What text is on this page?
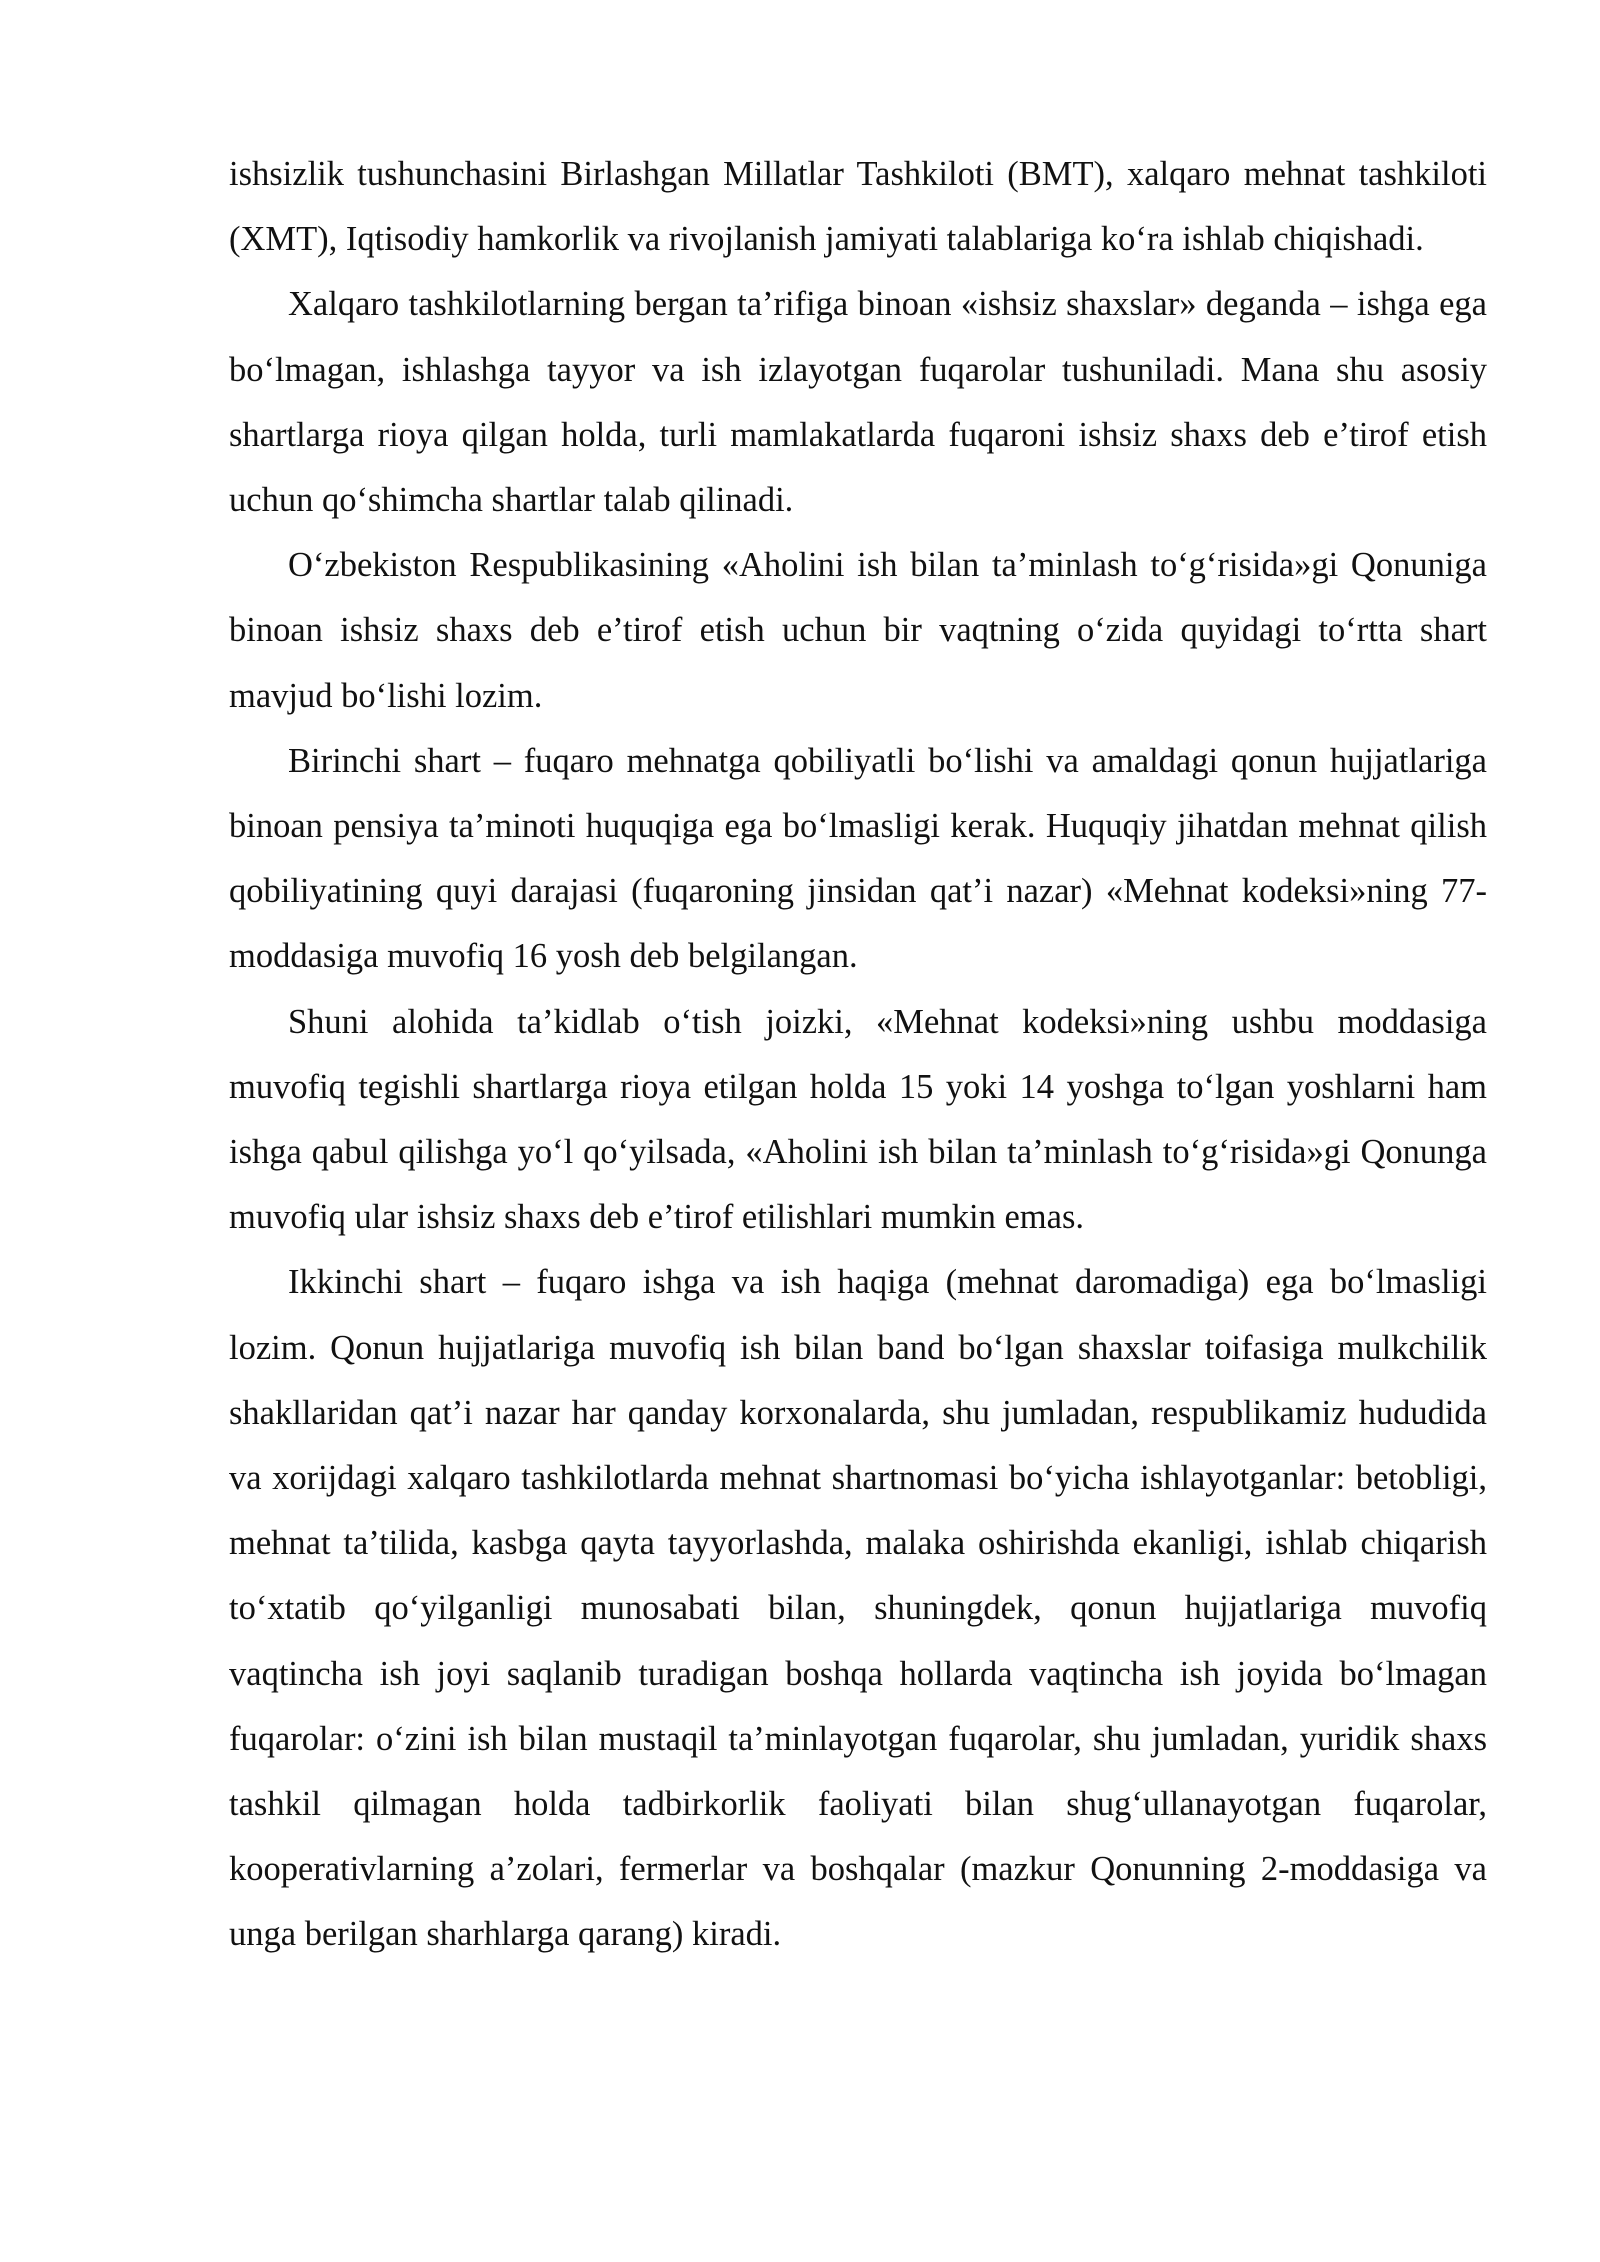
ishsizlik tushunchasini Birlashgan Millatlar Tashkiloti (BMT), xalqaro mehnat tashkiloti (XMT), Iqtisodiy hamkorlik va rivojlanish jamiyati talablariga ko‘ra ishlab chiqishadi.

Xalqaro tashkilotlarning bergan ta’rifiga binoan «ishsiz shaxslar» deganda – ishga ega bo‘lmagan, ishlashga tayyor va ish izlayotgan fuqarolar tushuniladi. Mana shu asosiy shartlarga rioya qilgan holda, turli mamlakatlarda fuqaroni ishsiz shaxs deb e’tirof etish uchun qo‘shimcha shartlar talab qilinadi.

O‘zbekiston Respublikasining «Aholini ish bilan ta’minlash to‘g‘risida»gi Qonuniga binoan ishsiz shaxs deb e’tirof etish uchun bir vaqtning o‘zida quyidagi to‘rtta shart mavjud bo‘lishi lozim.

Birinchi shart – fuqaro mehnatga qobiliyatli bo‘lishi va amaldagi qonun hujjatlariga binoan pensiya ta’minoti huquqiga ega bo‘lmasligi kerak. Huquqiy jihatdan mehnat qilish qobiliyatining quyi darajasi (fuqaroning jinsidan qat’i nazar) «Mehnat kodeksi»ning 77-moddasiga muvofiq 16 yosh deb belgilangan.

Shuni alohida ta’kidlab o‘tish joizki, «Mehnat kodeksi»ning ushbu moddasiga muvofiq tegishli shartlarga rioya etilgan holda 15 yoki 14 yoshga to‘lgan yoshlarni ham ishga qabul qilishga yo‘l qo‘yilsada, «Aholini ish bilan ta’minlash to‘g‘risida»gi Qonunga muvofiq ular ishsiz shaxs deb e’tirof etilishlari mumkin emas.

Ikkinchi shart – fuqaro ishga va ish haqiga (mehnat daromadiga) ega bo‘lmasligi lozim. Qonun hujjatlariga muvofiq ish bilan band bo‘lgan shaxslar toifasiga mulkchilik shakllaridan qat’i nazar har qanday korxonalarda, shu jumladan, respublikamiz hududida va xorijdagi xalqaro tashkilotlarda mehnat shartnomasi bo‘yicha ishlayotganlar: betobligi, mehnat ta’tilida, kasbga qayta tayyorlashda, malaka oshirishda ekanligi, ishlab chiqarish to‘xtatib qo‘yilganligi munosabati bilan, shuningdek, qonun hujjatlariga muvofiq vaqtincha ish joyi saqlanib turadigan boshqa hollarda vaqtincha ish joyida bo‘lmagan fuqarolar: o‘zini ish bilan mustaqil ta’minlayotgan fuqarolar, shu jumladan, yuridik shaxs tashkil qilmagan holda tadbirkorlik faoliyati bilan shug‘ullanayotgan fuqarolar, kooperativlarning a’zolari, fermerlar va boshqalar (mazkur Qonunning 2-moddasiga va unga berilgan sharhlarga qarang) kiradi.
